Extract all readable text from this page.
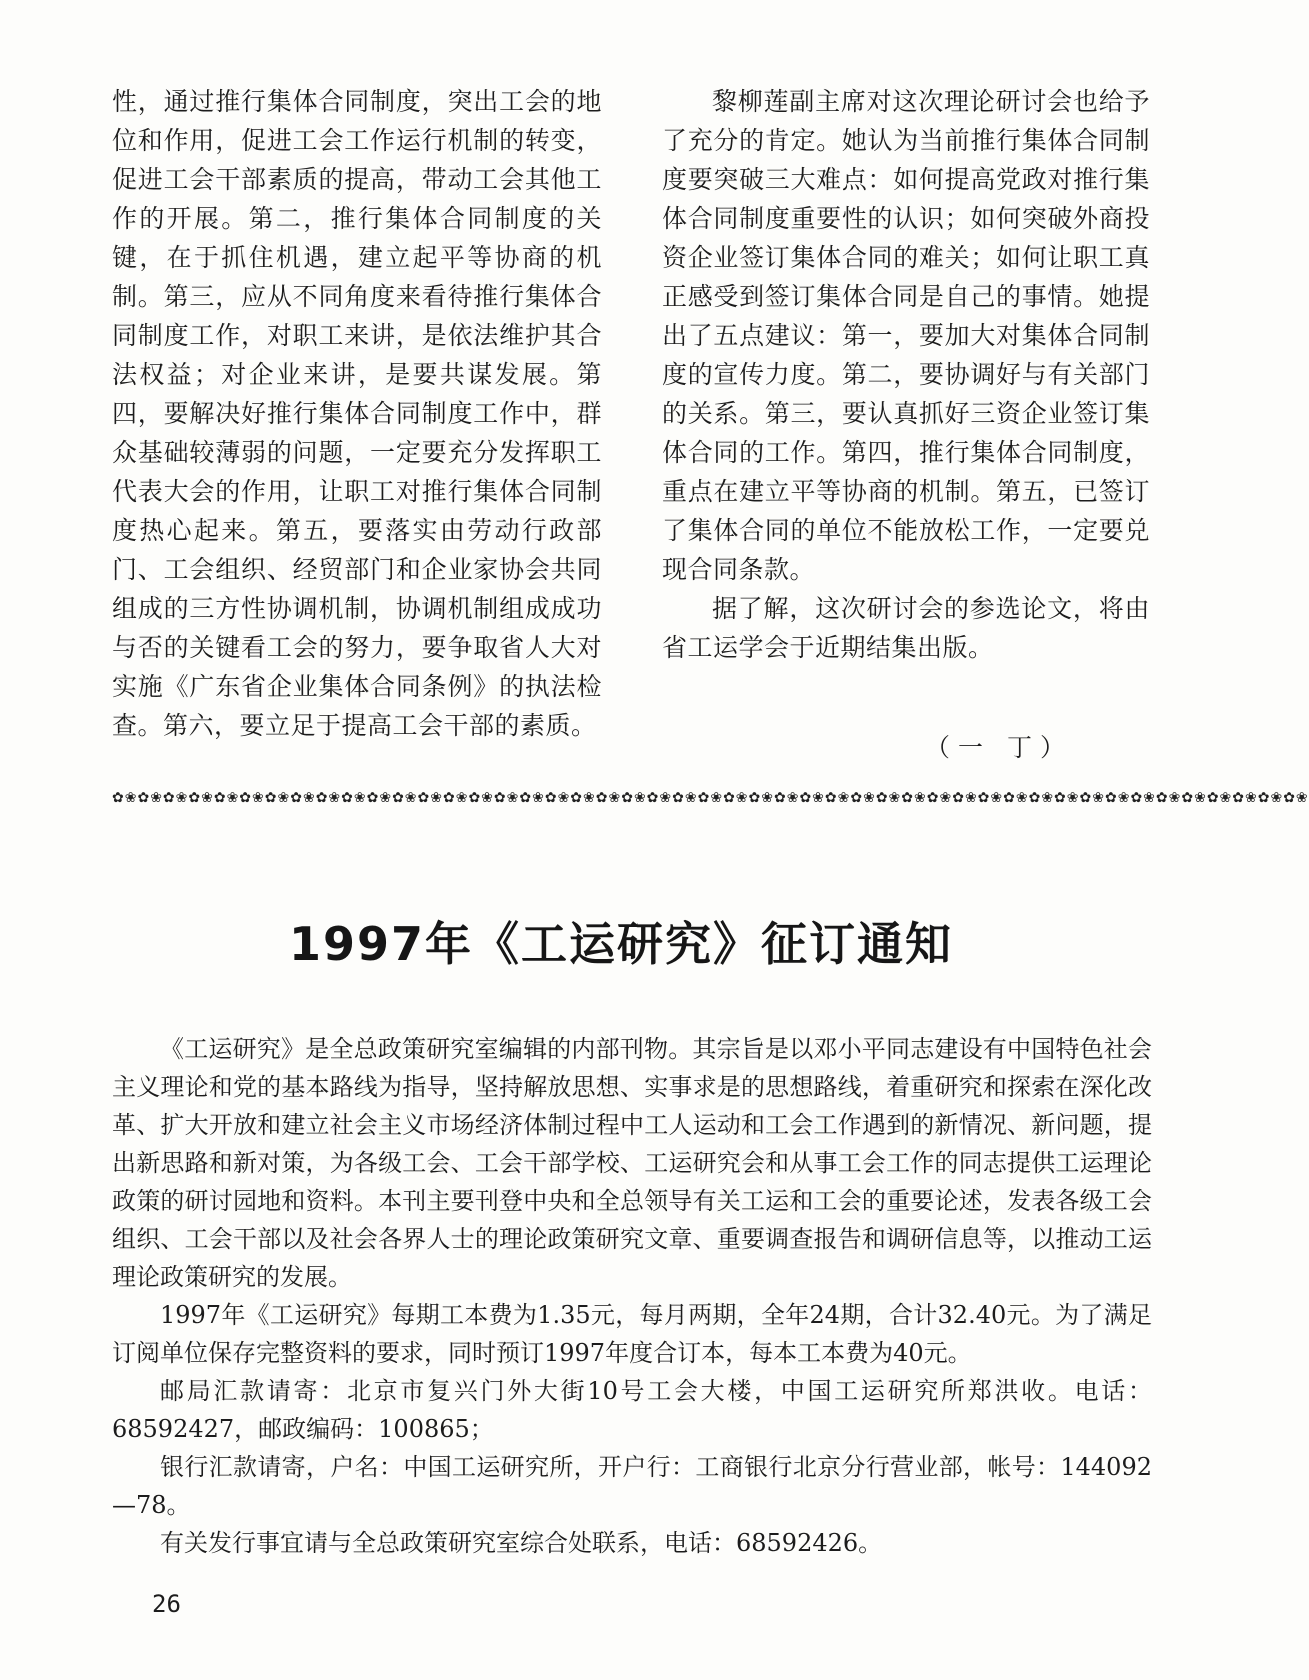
性，通过推行集体合同制度，突出工会的地位和作用，促进工会工作运行机制的转变，促进工会干部素质的提高，带动工会其他工作的开展。第二，推行集体合同制度的关键，在于抓住机遇，建立起平等协商的机制。第三，应从不同角度来看待推行集体合同制度工作，对职工来讲，是依法维护其合法权益；对企业来讲，是要共谋发展。第四，要解决好推行集体合同制度工作中，群众基础较薄弱的问题，一定要充分发挥职工代表大会的作用，让职工对推行集体合同制度热心起来。第五，要落实由劳动行政部门、工会组织、经贸部门和企业家协会共同组成的三方性协调机制，协调机制组成成功与否的关键看工会的努力，要争取省人大对实施《广东省企业集体合同条例》的执法检查。第六，要立足于提高工会干部的素质。

黎柳莲副主席对这次理论研讨会也给予了充分的肯定。她认为当前推行集体合同制度要突破三大难点：如何提高党政对推行集体合同制度重要性的认识；如何突破外商投资企业签订集体合同的难关；如何让职工真正感受到签订集体合同是自己的事情。她提出了五点建议：第一，要加大对集体合同制度的宣传力度。第二，要协调好与有关部门的关系。第三，要认真抓好三资企业签订集体合同的工作。第四，推行集体合同制度，重点在建立平等协商的机制。第五，已签订了集体合同的单位不能放松工作，一定要兑现合同条款。

据了解，这次研讨会的参选论文，将由省工运学会于近期结集出版。

（一 丁）
✿❀✿❀✿❀✿❀✿❀✿❀✿❀✿❀✿❀✿❀✿❀✿❀✿❀✿❀✿❀✿❀✿❀✿❀✿❀✿❀✿❀✿❀✿❀✿❀✿❀✿❀✿❀✿❀✿❀✿❀✿❀✿❀✿❀✿❀✿❀✿❀✿❀✿❀✿❀✿❀✿❀✿❀✿❀✿❀✿❀✿❀✿❀
1997年《工运研究》征订通知

《工运研究》是全总政策研究室编辑的内部刊物。其宗旨是以邓小平同志建设有中国特色社会主义理论和党的基本路线为指导，坚持解放思想、实事求是的思想路线，着重研究和探索在深化改革、扩大开放和建立社会主义市场经济体制过程中工人运动和工会工作遇到的新情况、新问题，提出新思路和新对策，为各级工会、工会干部学校、工运研究会和从事工会工作的同志提供工运理论政策的研讨园地和资料。本刊主要刊登中央和全总领导有关工运和工会的重要论述，发表各级工会组织、工会干部以及社会各界人士的理论政策研究文章、重要调查报告和调研信息等，以推动工运理论政策研究的发展。

1997年《工运研究》每期工本费为1.35元，每月两期，全年24期，合计32.40元。为了满足订阅单位保存完整资料的要求，同时预订1997年度合订本，每本工本费为40元。

邮局汇款请寄：北京市复兴门外大街10号工会大楼，中国工运研究所郑洪收。电话：68592427，邮政编码：100865；

银行汇款请寄，户名：中国工运研究所，开户行：工商银行北京分行营业部，帐号：144092—78。

有关发行事宜请与全总政策研究室综合处联系，电话：68592426。

26
